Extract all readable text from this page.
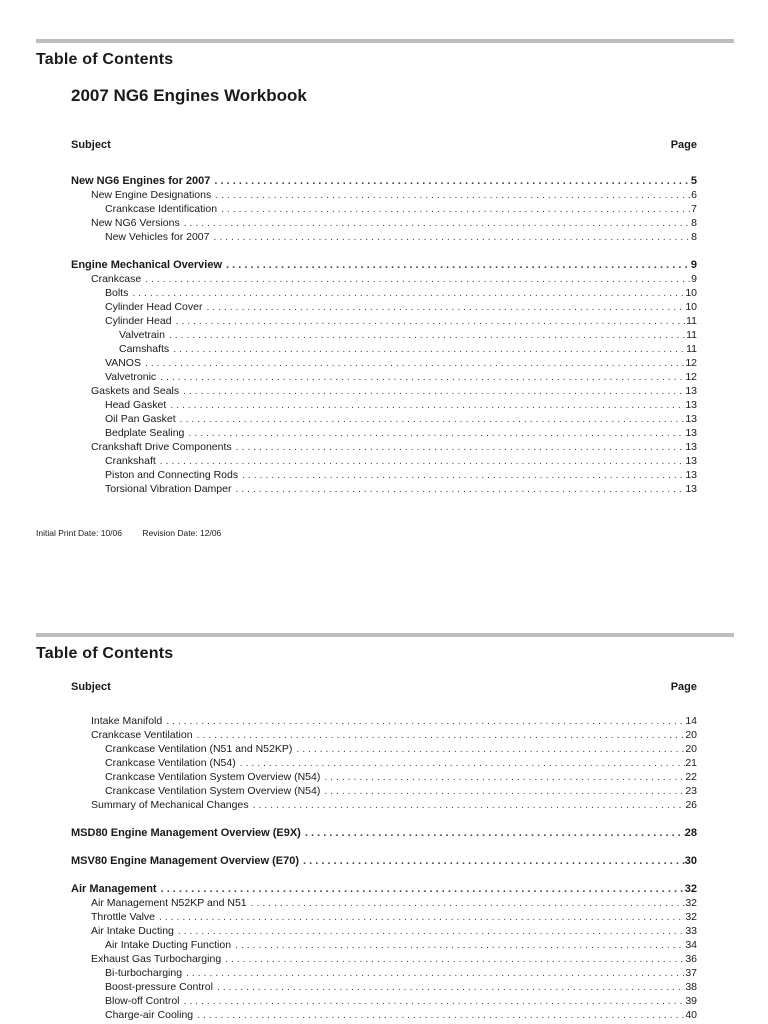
Table of Contents
2007 NG6 Engines Workbook
Subject	Page
New NG6 Engines for 2007 . . .	5
New Engine Designations . . .	6
Crankcase Identification . . .	7
New NG6 Versions . . .	8
New Vehicles for 2007 . . .	8
Engine Mechanical Overview . . .	9
Crankcase . . .	9
Bolts . . .	10
Cylinder Head Cover . . .	10
Cylinder Head . . .	11
Valvetrain . . .	11
Camshafts . . .	11
VANOS . . .	12
Valvetronic . . .	12
Gaskets and Seals . . .	13
Head Gasket . . .	13
Oil Pan Gasket . . .	13
Bedplate Sealing . . .	13
Crankshaft Drive Components . . .	13
Crankshaft . . .	13
Piston and Connecting Rods . . .	13
Torsional Vibration Damper . . .	13
Initial Print Date: 10/06 Revision Date: 12/06
Table of Contents
Subject	Page
Intake Manifold . . .	14
Crankcase Ventilation . . .	20
Crankcase Ventilation (N51 and N52KP) . . .	20
Crankcase Ventilation (N54) . . .	21
Crankcase Ventilation System Overview (N54) . . .	22
Crankcase Ventilation System Overview (N54) . . .	23
Summary of Mechanical Changes . . .	26
MSD80 Engine Management Overview (E9X) . . .	28
MSV80 Engine Management Overview (E70) . . .	30
Air Management . . .	32
Air Management N52KP and N51 . . .	32
Throttle Valve . . .	32
Air Intake Ducting . . .	33
Air Intake Ducting Function . . .	34
Exhaust Gas Turbocharging . . .	36
Bi-turbocharging . . .	37
Boost-pressure Control . . .	38
Blow-off Control . . .	39
Charge-air Cooling . . .	40
